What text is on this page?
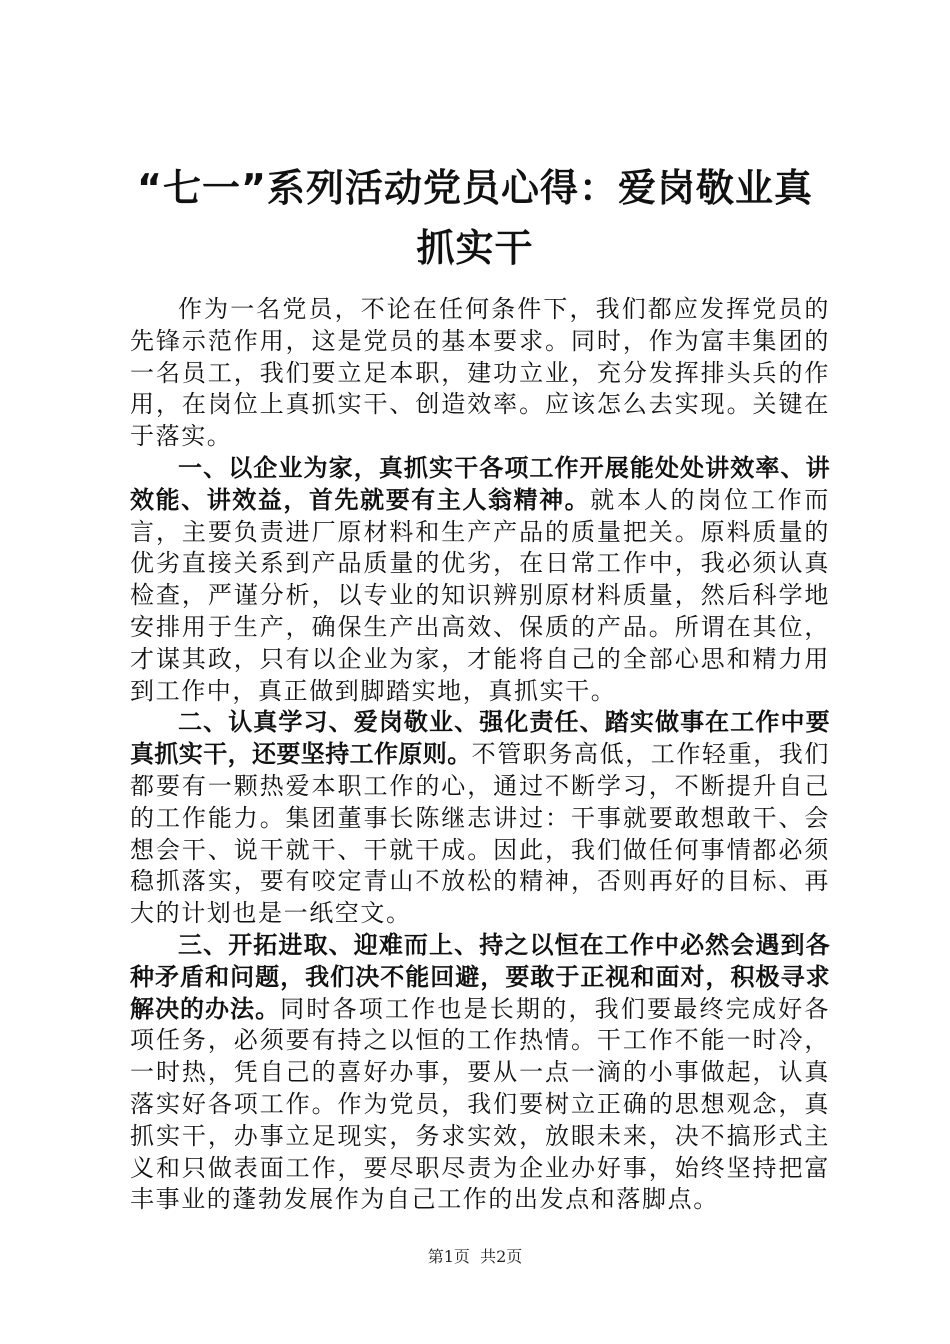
“七一”系列活动党员心得：爱岗敬业真抓实干

作为一名党员，不论在任何条件下，我们都应发挥党员的先锋示范作用，这是党员的基本要求。同时，作为富丰集团的一名员工，我们要立足本职，建功立业，充分发挥排头兵的作用，在岗位上真抓实干、创造效率。应该怎么去实现。关键在于落实。

一、以企业为家，真抓实干各项工作开展能处处讲效率、讲效能、讲效益，首先就要有主人翁精神。就本人的岗位工作而言，主要负责进厂原材料和生产产品的质量把关。原料质量的优劣直接关系到产品质量的优劣，在日常工作中，我必须认真检查，严谨分析，以专业的知识辨别原材料质量，然后科学地安排用于生产，确保生产出高效、保质的产品。所谓在其位，才谋其政，只有以企业为家，才能将自己的全部心思和精力用到工作中，真正做到脚踏实地，真抓实干。

二、认真学习、爱岗敬业、强化责任、踏实做事在工作中要真抓实干，还要坚持工作原则。不管职务高低，工作轻重，我们都要有一颗热爱本职工作的心，通过不断学习，不断提升自己的工作能力。集团董事长陈继志讲过：干事就要敢想敢干、会想会干、说干就干、干就干成。因此，我们做任何事情都必须稳抓落实，要有咬定青山不放松的精神，否则再好的目标、再大的计划也是一纸空文。

三、开拓进取、迎难而上、持之以恒在工作中必然会遇到各种矛盾和问题，我们决不能回避，要敢于正视和面对，积极寻求解决的办法。同时各项工作也是长期的，我们要最终完成好各项任务，必须要有持之以恒的工作热情。干工作不能一时冷，一时热，凭自己的喜好办事，要从一点一滴的小事做起，认真落实好各项工作。作为党员，我们要树立正确的思想观念，真抓实干，办事立足现实，务求实效，放眼未来，决不搞形式主义和只做表面工作，要尽职尽责为企业办好事，始终坚持把富丰事业的蓬勃发展作为自己工作的出发点和落脚点。

第1页 共2页
